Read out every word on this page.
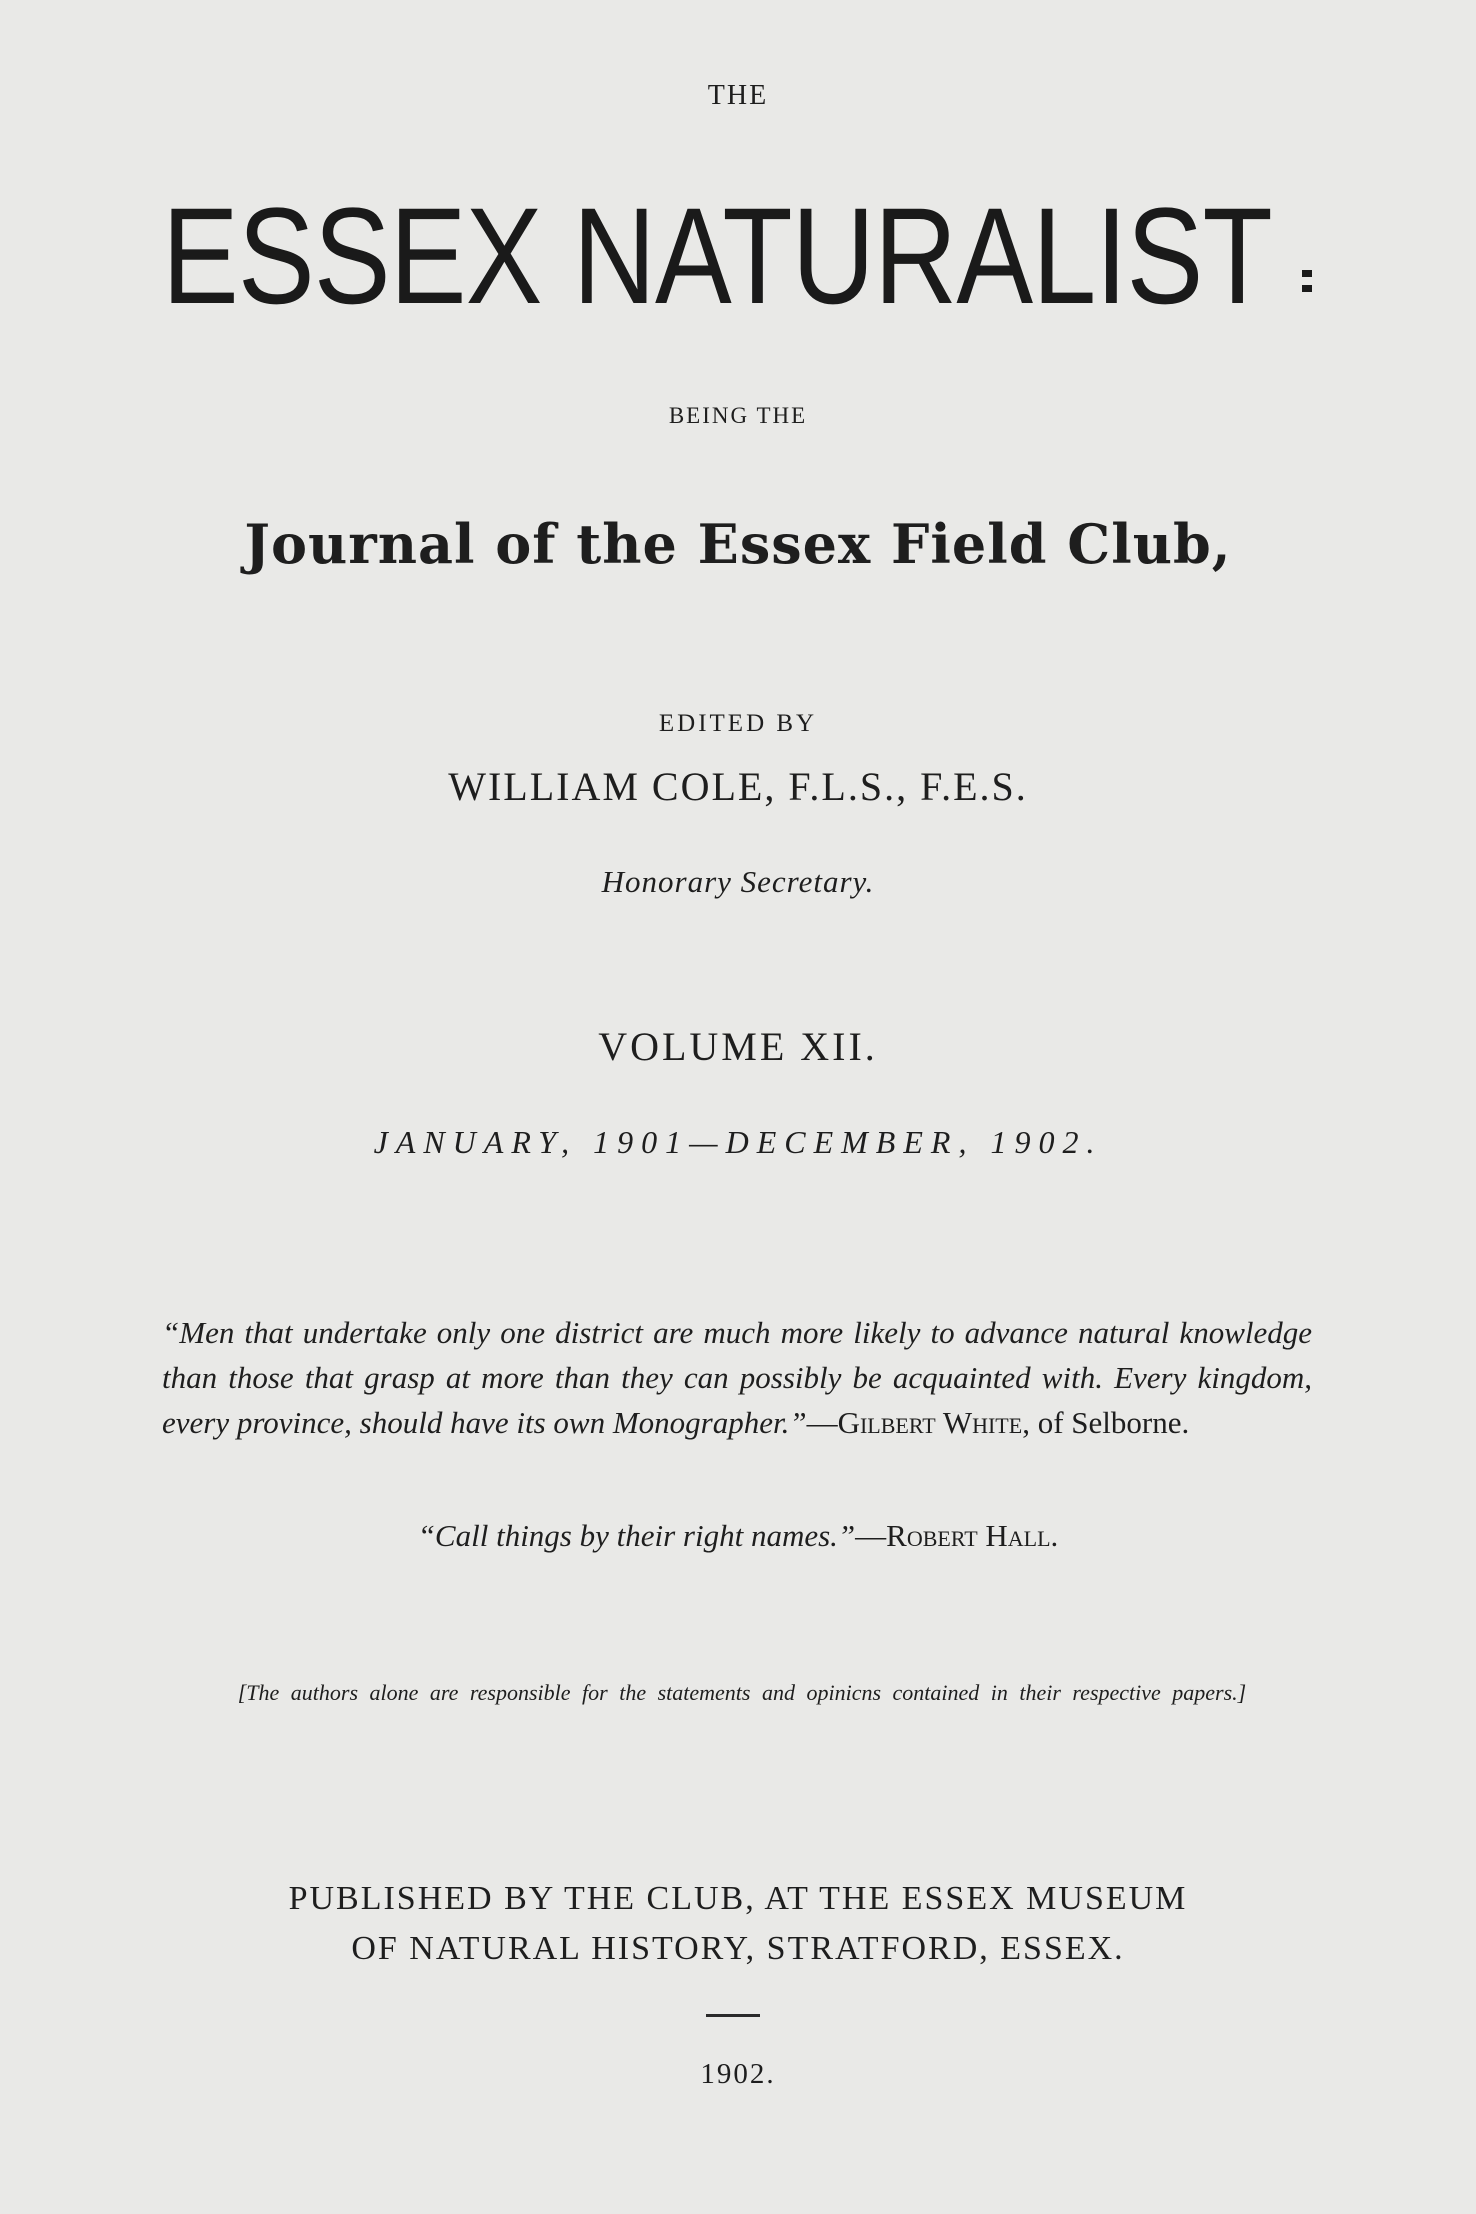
THE
ESSEX NATURALIST
BEING THE
Journal of the Essex Field Club,
EDITED BY
WILLIAM COLE, F.L.S., F.E.S.
Honorary Secretary.
VOLUME XII.
JANUARY, 1901—DECEMBER, 1902.
“Men that undertake only one district are much more likely to advance natural knowledge than those that grasp at more than they can possibly be acquainted with. Every kingdom, every province, should have its own Monographer.”—Gilbert White, of Selborne.
“Call things by their right names.”—Robert Hall.
[The authors alone are responsible for the statements and opinicns contained in their respective papers.]
PUBLISHED BY THE CLUB, AT THE ESSEX MUSEUM
OF NATURAL HISTORY, STRATFORD, ESSEX.
1902.
